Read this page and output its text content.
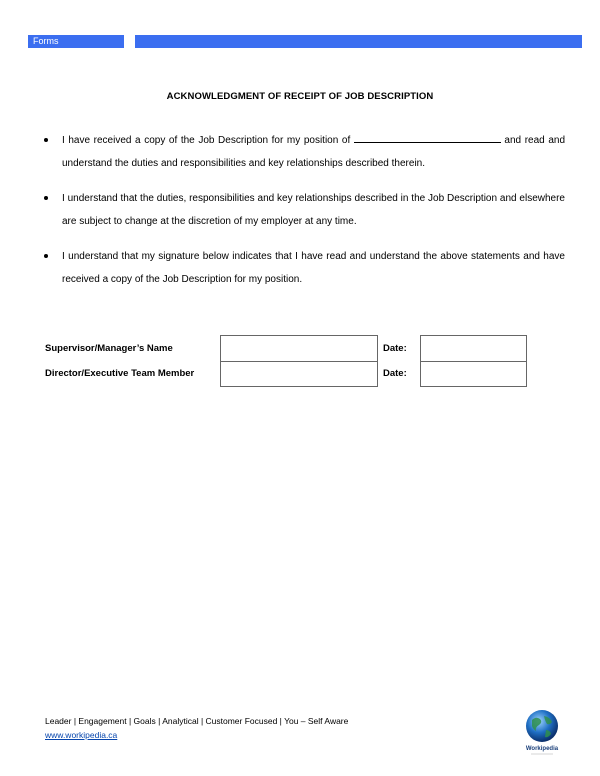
Forms
ACKNOWLEDGMENT OF RECEIPT OF JOB DESCRIPTION
I have received a copy of the Job Description for my position of	and read and understand the duties and responsibilities and key relationships described therein.
I understand that the duties, responsibilities and key relationships described in the Job Description and elsewhere are subject to change at the discretion of my employer at any time.
I understand that my signature below indicates that I have read and understand the above statements and have received a copy of the Job Description for my position.
Supervisor/Manager’s Name	Date:
Director/Executive Team Member	Date:
Leader | Engagement | Goals | Analytical | Customer Focused | You – Self Aware
www.workipedia.ca
Workipedia
